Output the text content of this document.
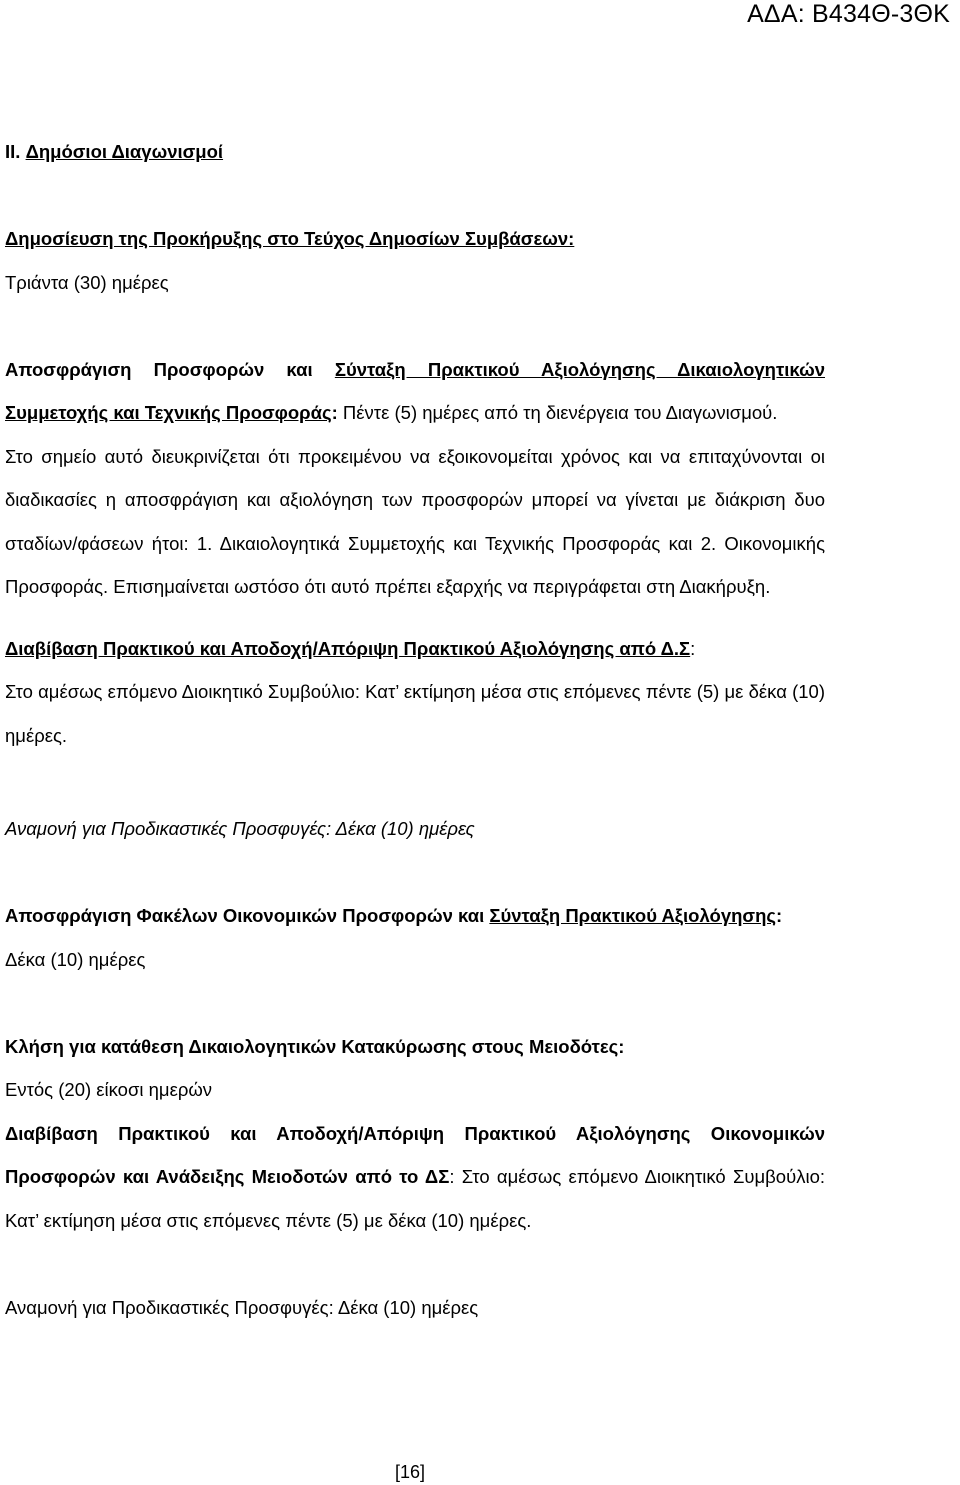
ΑΔΑ: Β434Θ-3ΘΚ

II. Δημόσιοι Διαγωνισμοί

Δημοσίευση της Προκήρυξης στο Τεύχος Δημοσίων Συμβάσεων:

Τριάντα (30) ημέρες

Αποσφράγιση Προσφορών και Σύνταξη Πρακτικού Αξιολόγησης Δικαιολογητικών Συμμετοχής και Τεχνικής Προσφοράς: Πέντε (5) ημέρες από τη διενέργεια του Διαγωνισμού.

Στο σημείο αυτό διευκρινίζεται ότι προκειμένου να εξοικονομείται χρόνος και να επιταχύνονται οι διαδικασίες η αποσφράγιση και αξιολόγηση των προσφορών μπορεί να γίνεται με διάκριση δυο σταδίων/φάσεων ήτοι: 1. Δικαιολογητικά Συμμετοχής και Τεχνικής Προσφοράς και 2. Οικονομικής Προσφοράς. Επισημαίνεται ωστόσο ότι αυτό πρέπει εξαρχής να περιγράφεται στη Διακήρυξη.

Διαβίβαση Πρακτικού και Αποδοχή/Απόριψη Πρακτικού Αξιολόγησης από Δ.Σ:
Στο αμέσως επόμενο Διοικητικό Συμβούλιο: Κατ’ εκτίμηση μέσα στις επόμενες πέντε (5) με δέκα (10) ημέρες.

Αναμονή για Προδικαστικές Προσφυγές: Δέκα (10) ημέρες

Αποσφράγιση Φακέλων Οικονομικών Προσφορών και Σύνταξη Πρακτικού Αξιολόγησης: Δέκα (10) ημέρες

Κλήση για κατάθεση Δικαιολογητικών Κατακύρωσης στους Μειοδότες:

Εντός (20) είκοσι ημερών

Διαβίβαση Πρακτικού και Αποδοχή/Απόριψη Πρακτικού Αξιολόγησης Οικονομικών Προσφορών και Ανάδειξης Μειοδοτών από το ΔΣ: Στο αμέσως επόμενο Διοικητικό Συμβούλιο: Κατ’ εκτίμηση μέσα στις επόμενες πέντε (5) με δέκα (10) ημέρες.

Αναμονή για Προδικαστικές Προσφυγές: Δέκα (10) ημέρες

[16]
